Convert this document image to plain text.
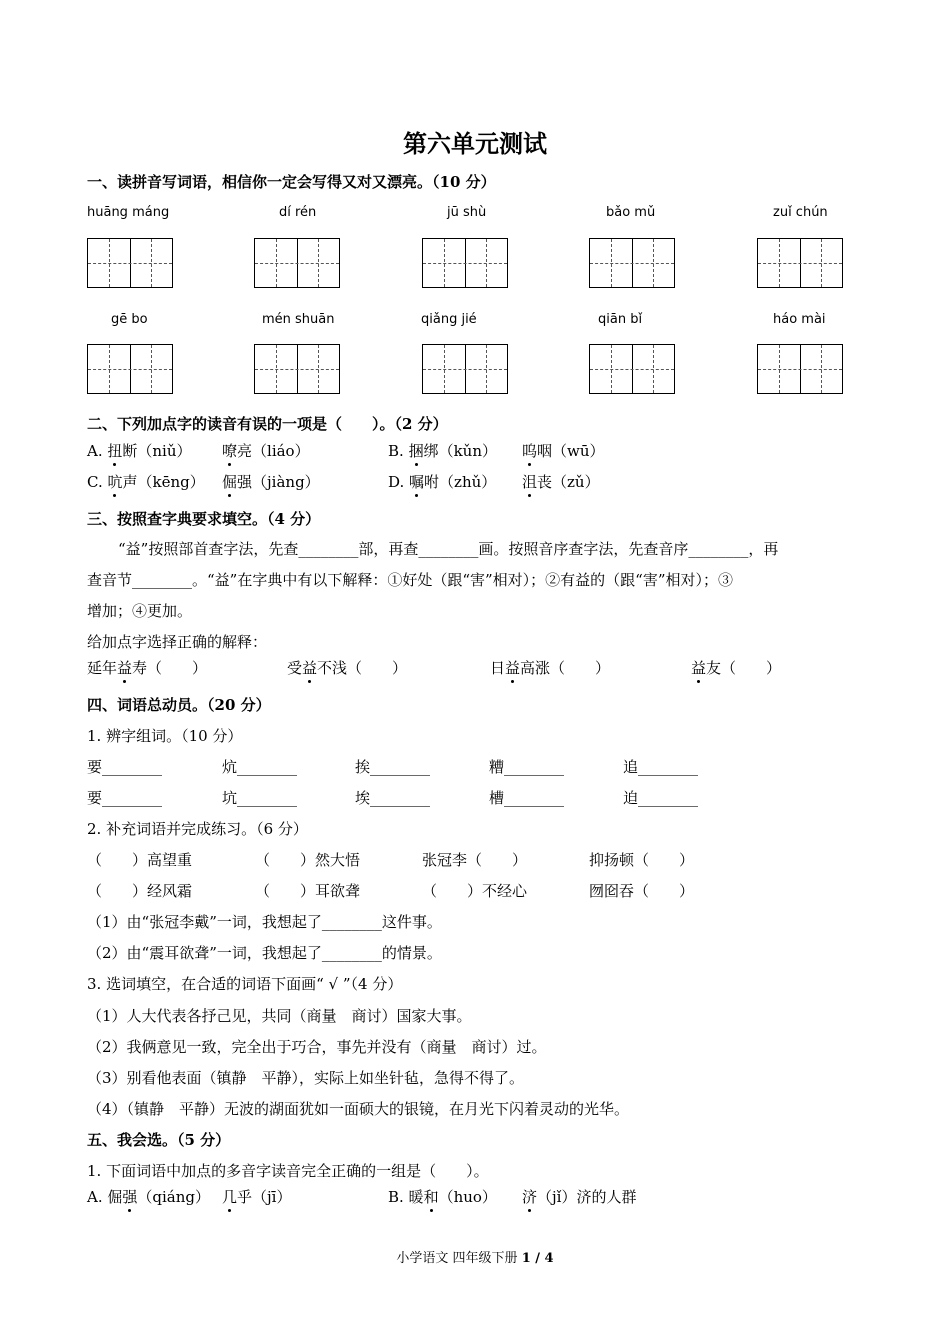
第六单元测试
一、读拼音写词语，相信你一定会写得又对又漂亮。（10 分）
huāng máng	dí rén	jū shù	bǎo mǔ	zuǐ chún
gē bo	mén shuān	qiǎng jié	qiān bǐ	háo mài
二、下列加点字的读音有误的一项是（　　）。（2 分）
A. 扭断（niǔ） 嘹亮（liáo）	B. 捆绑（kǔn） 呜咽（wū）
C. 吭声（kēng） 倔强（jiàng）	D. 嘱咐（zhǔ） 沮丧（zǔ）
三、按照查字典要求填空。（4 分）
“益”按照部首查字法，先查________部，再查________画。按照音序查字法，先查音序________，再
查音节________。“益”在字典中有以下解释：①好处（跟“害”相对）；②有益的（跟“害”相对）；③
增加；④更加。
给加点字选择正确的解释：
延年益寿（　　）	受益不浅（　　）	日益高涨（　　）	益友（　　）
四、词语总动员。（20 分）
1. 辨字组词。（10 分）
要________	炕________	挨________	糟________	追________
要________	坑________	埃________	槽________	迫________
2. 补充词语并完成练习。（6 分）
（　　）高望重	（　　）然大悟	张冠李（　　）	抑扬顿（　　）
（　　）经风霜	（　　）耳欲聋	（　　）不经心	囫囵吞（　　）
（1）由“张冠李戴”一词，我想起了________这件事。
（2）由“震耳欲聋”一词，我想起了________的情景。
3. 选词填空，在合适的词语下面画“ √ ”（4 分）
（1）人大代表各抒己见，共同（商量　商讨）国家大事。
（2）我俩意见一致，完全出于巧合，事先并没有（商量　商讨）过。
（3）别看他表面（镇静　平静），实际上如坐针毡，急得不得了。
（4）（镇静　平静）无波的湖面犹如一面硕大的银镜，在月光下闪着灵动的光华。
五、我会选。（5 分）
1. 下面词语中加点的多音字读音完全正确的一组是（　　）。
A. 倔强（qiáng） 几乎（jī）	B. 暖和（huo） 济（jǐ）济的人群
小学语文 四年级下册 1 / 4
